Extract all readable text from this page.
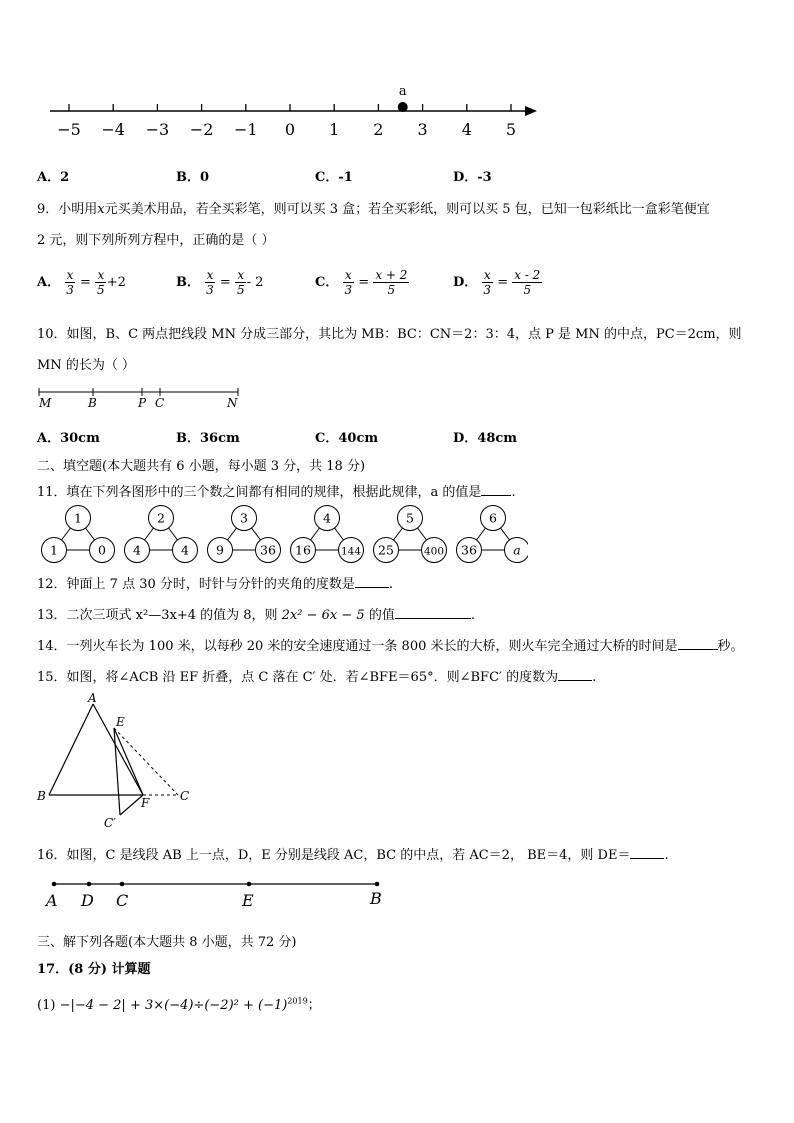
−5 −4 −3 −2 −1 0 1 2 3 4 5
a
A．2	B．0	C．-1	D．-3
9．小明用x元买美术用品，若全买彩笔，则可以买 3 盒；若全买彩纸，则可以买 5 包，已知一包彩纸比一盒彩笔便宜
2 元，则下列所列方程中，正确的是（ ）
A． $\frac{x}{3} = \frac{x}{5} +2$	B． $\frac{x}{3} = \frac{x}{5} - 2$	C． $\frac{x}{3} = \frac{x + 2}{5}$	D． $\frac{x}{3} = \frac{x - 2}{5}$
10．如图，B、C 两点把线段 MN 分成三部分，其比为 MB：BC：CN＝2：3：4，点 P 是 MN 的中点，PC＝2cm，则
MN 的长为（ ）
M	B	P C	N
A．30cm	B．36cm	C．40cm	D．48cm
二、填空题(本大题共有 6 小题，每小题 3 分，共 18 分)
11．填在下列各图形中的三个数之间都有相同的规律，根据此规律，a 的值是 .
1
1	0
2
4	4
3
9	36
4
16	144
5
25	400
6
36	a
12．钟面上 7 点 30 分时，时针与分针的夹角的度数是	.
13．二次三项式 x²—3x+4 的值为 8，则 2x² − 6x − 5 的值	.
14．一列火车长为 100 米，以每秒 20 米的安全速度通过一条 800 米长的大桥，则火车完全通过大桥的时间是	秒。
15．如图，将∠ACB 沿 EF 折叠，点 C 落在 C′ 处．若∠BFE＝65°．则∠BFC′ 的度数为	.
A
E
B	F	C
C′
16．如图，C 是线段 AB 上一点，D，E 分别是线段 AC，BC 的中点，若 AC＝2， BE＝4，则 DE＝	.
A D C	E	B
三、解下列各题(本大题共 8 小题，共 72 分)
17．(8 分) 计算题
$(1) -|-4 - 2| + 3\times(-4)\div(-2)^2 + (-1)^{2019}$；
